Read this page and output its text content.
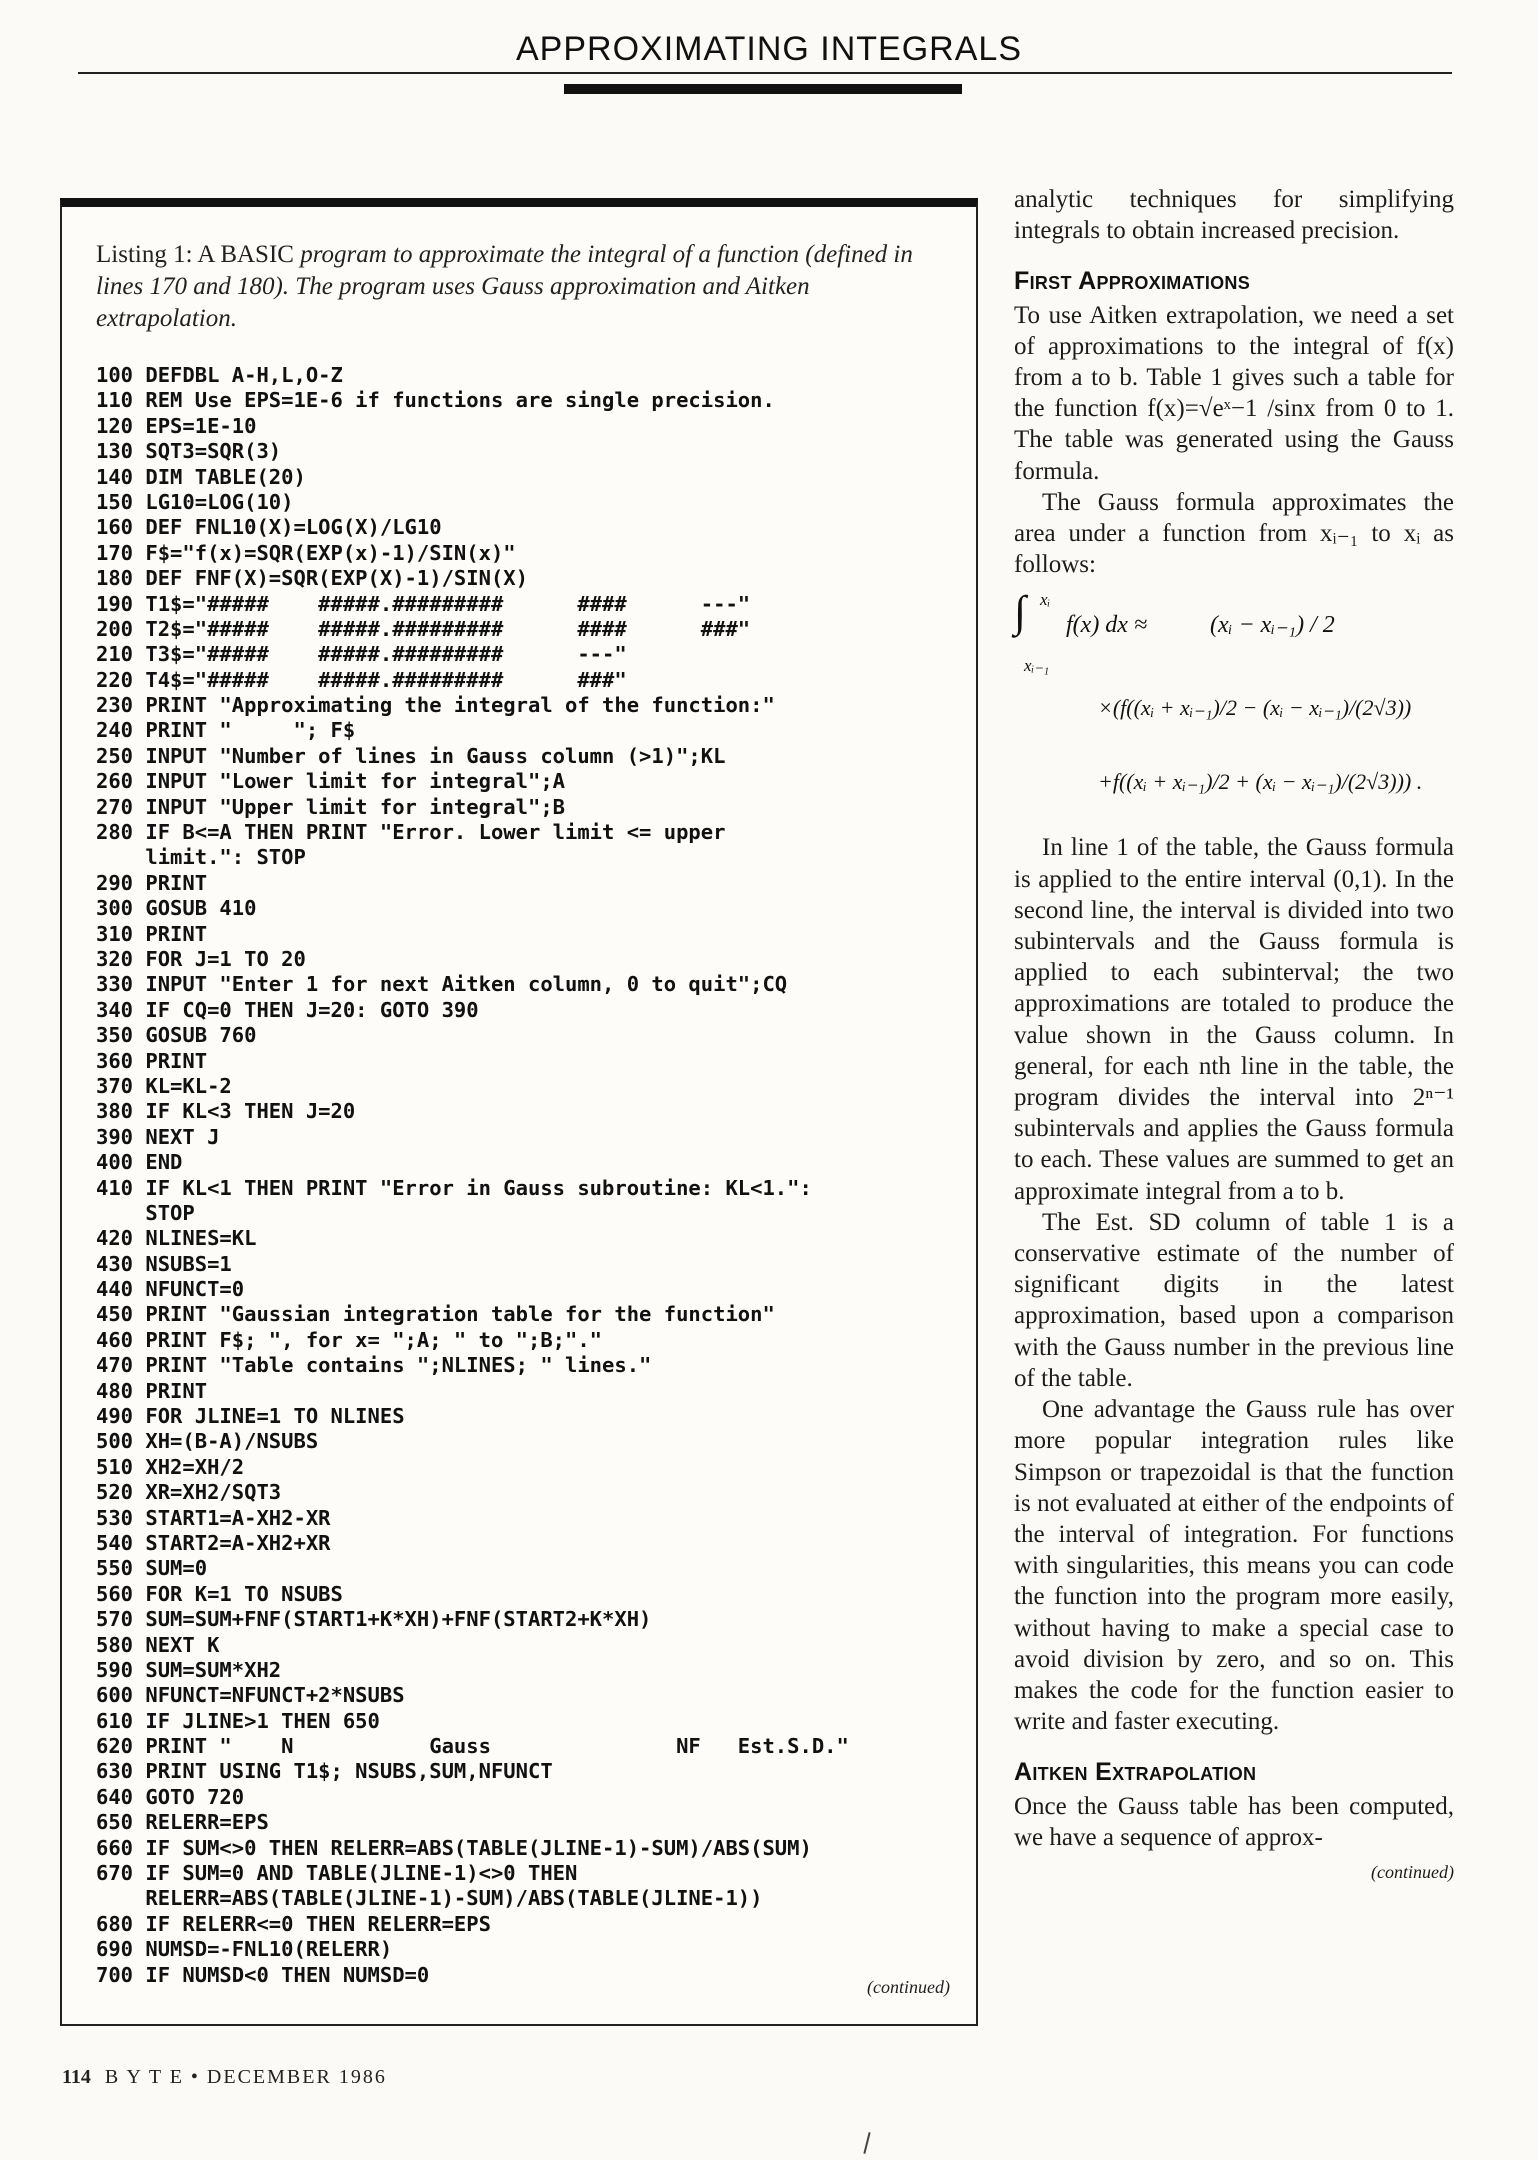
APPROXIMATING INTEGRALS
Listing 1: A BASIC program to approximate the integral of a function (defined in lines 170 and 180). The program uses Gauss approximation and Aitken extrapolation.
100 DEFDBL A-H,L,O-Z
110 REM Use EPS=1E-6 if functions are single precision.
120 EPS=1E-10
130 SQT3=SQR(3)
140 DIM TABLE(20)
150 LG10=LOG(10)
160 DEF FNL10(X)=LOG(X)/LG10
170 F$="f(x)=SQR(EXP(x)-1)/SIN(x)"
180 DEF FNF(X)=SQR(EXP(X)-1)/SIN(X)
190 T1$="#####    #####.#########      ####      ---"
200 T2$="#####    #####.#########      ####      ###"
210 T3$="#####    #####.#########      ---"
220 T4$="#####    #####.#########      ###"
230 PRINT "Approximating the integral of the function:"
240 PRINT "     "; F$
250 INPUT "Number of lines in Gauss column (>1)";KL
260 INPUT "Lower limit for integral";A
270 INPUT "Upper limit for integral";B
280 IF B<=A THEN PRINT "Error. Lower limit <= upper
limit.": STOP
290 PRINT
300 GOSUB 410
310 PRINT
320 FOR J=1 TO 20
330 INPUT "Enter 1 for next Aitken column, 0 to quit";CQ
340 IF CQ=0 THEN J=20: GOTO 390
350 GOSUB 760
360 PRINT
370 KL=KL-2
380 IF KL<3 THEN J=20
390 NEXT J
400 END
410 IF KL<1 THEN PRINT "Error in Gauss subroutine: KL<1.":
STOP
420 NLINES=KL
430 NSUBS=1
440 NFUNCT=0
450 PRINT "Gaussian integration table for the function"
460 PRINT F$; ", for x= ";A; " to ";B;"."
470 PRINT "Table contains ";NLINES; " lines."
480 PRINT
490 FOR JLINE=1 TO NLINES
500 XH=(B-A)/NSUBS
510 XH2=XH/2
520 XR=XH2/SQT3
530 START1=A-XH2-XR
540 START2=A-XH2+XR
550 SUM=0
560 FOR K=1 TO NSUBS
570 SUM=SUM+FNF(START1+K*XH)+FNF(START2+K*XH)
580 NEXT K
590 SUM=SUM*XH2
600 NFUNCT=NFUNCT+2*NSUBS
610 IF JLINE>1 THEN 650
620 PRINT "    N           Gauss               NF   Est.S.D."
630 PRINT USING T1$; NSUBS,SUM,NFUNCT
640 GOTO 720
650 RELERR=EPS
660 IF SUM<>0 THEN RELERR=ABS(TABLE(JLINE-1)-SUM)/ABS(SUM)
670 IF SUM=0 AND TABLE(JLINE-1)<>0 THEN
RELERR=ABS(TABLE(JLINE-1)-SUM)/ABS(TABLE(JLINE-1))
680 IF RELERR<=0 THEN RELERR=EPS
690 NUMSD=-FNL10(RELERR)
700 IF NUMSD<0 THEN NUMSD=0
(continued)

analytic techniques for simplifying integrals to obtain increased precision.

First Approximations

To use Aitken extrapolation, we need a set of approximations to the integral of f(x) from a to b. Table 1 gives such a table for the function f(x)=√eˣ−1 /sinx from 0 to 1. The table was generated using the Gauss formula.

The Gauss formula approximates the area under a function from xᵢ₋₁ to xᵢ as follows:

∫ xᵢ
xᵢ₋₁
f(x) dx ≈	(xᵢ − xᵢ₋₁) / 2
×(f((xᵢ + xᵢ₋₁)/2 − (xᵢ − xᵢ₋₁)/(2√3))
+f((xᵢ + xᵢ₋₁)/2 + (xᵢ − xᵢ₋₁)/(2√3))) .

In line 1 of the table, the Gauss formula is applied to the entire interval (0,1). In the second line, the interval is divided into two subintervals and the Gauss formula is applied to each subinterval; the two approximations are totaled to produce the value shown in the Gauss column. In general, for each nth line in the table, the program divides the interval into 2ⁿ⁻¹ subintervals and applies the Gauss formula to each. These values are summed to get an approximate integral from a to b.

The Est. SD column of table 1 is a conservative estimate of the number of significant digits in the latest approximation, based upon a comparison with the Gauss number in the previous line of the table.

One advantage the Gauss rule has over more popular integration rules like Simpson or trapezoidal is that the function is not evaluated at either of the endpoints of the interval of integration. For functions with singularities, this means you can code the function into the program more easily, without having to make a special case to avoid division by zero, and so on. This makes the code for the function easier to write and faster executing.

Aitken Extrapolation

Once the Gauss table has been computed, we have a sequence of approx-

(continued)
114 B Y T E • DECEMBER 1986
